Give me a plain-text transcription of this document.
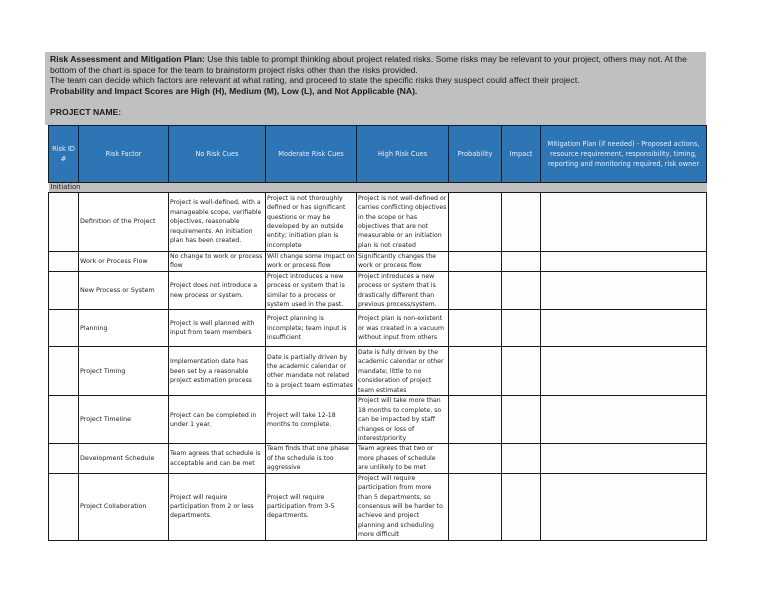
Risk Assessment and Mitigation Plan: Use this table to prompt thinking about project related risks. Some risks may be relevant to your project, others may not. At the bottom of the chart is space for the team to brainstorm project risks other than the risks provided.
The team can decide which factors are relevant at what rating, and proceed to state the specific risks they suspect could affect their project.
Probability and Impact Scores are High (H), Medium (M), Low (L), and Not Applicable (NA).
PROJECT NAME:
Risk ID #	Risk Factor	No Risk Cues	Moderate Risk Cues	High Risk Cues	Probability	Impact	Mitigation Plan (if needed) - Proposed actions, resource requirement, responsibility, timing, reporting and monitoring required, risk owner
Initiation							
	Definition of the Project	Project is well-defined, with a manageable scope, verifiable objectives, reasonable requirements. An initiation plan has been created.	Project is not thoroughly defined or has significant questions or may be developed by an outside entity; initiation plan is incomplete	Project is not well-defined or carries conflicting objectives in the scope or has objectives that are not measurable or an initiation plan is not created			
	Work or Process Flow	No change to work or process flow	Will change some impact on work or process flow	Significantly changes the work or process flow			
	New Process or System	Project does not introduce a new process or system.	Project introduces a new process or system that is similar to a process or system used in the past.	Project introduces a new process or system that is drastically different than previous process/system.			
	Planning	Project is well planned with input from team members	Project planning is incomplete; team input is insufficient	Project plan is non-existent or was created in a vacuum without input from others			
	Project Timing	Implementation date has been set by a reasonable project estimation process	Date is partially driven by the academic calendar or other mandate not related to a project team estimates	Date is fully driven by the academic calendar or other mandate; little to no consideration of project team estimates			
	Project Timeline	Project can be completed in under 1 year.	Project will take 12-18 months to complete.	Project will take more than 18 months to complete, so can be impacted by staff changes or loss of interest/priority			
	Development Schedule	Team agrees that schedule is acceptable and can be met	Team finds that one phase of the schedule is too aggressive	Team agrees that two or more phases of schedule are unlikely to be met			
	Project Collaboration	Project will require participation from 2 or less departments.	Project will require participation from 3-5 departments.	Project will require participation from more than 5 departments, so consensus will be harder to achieve and project planning and scheduling more difficult			
